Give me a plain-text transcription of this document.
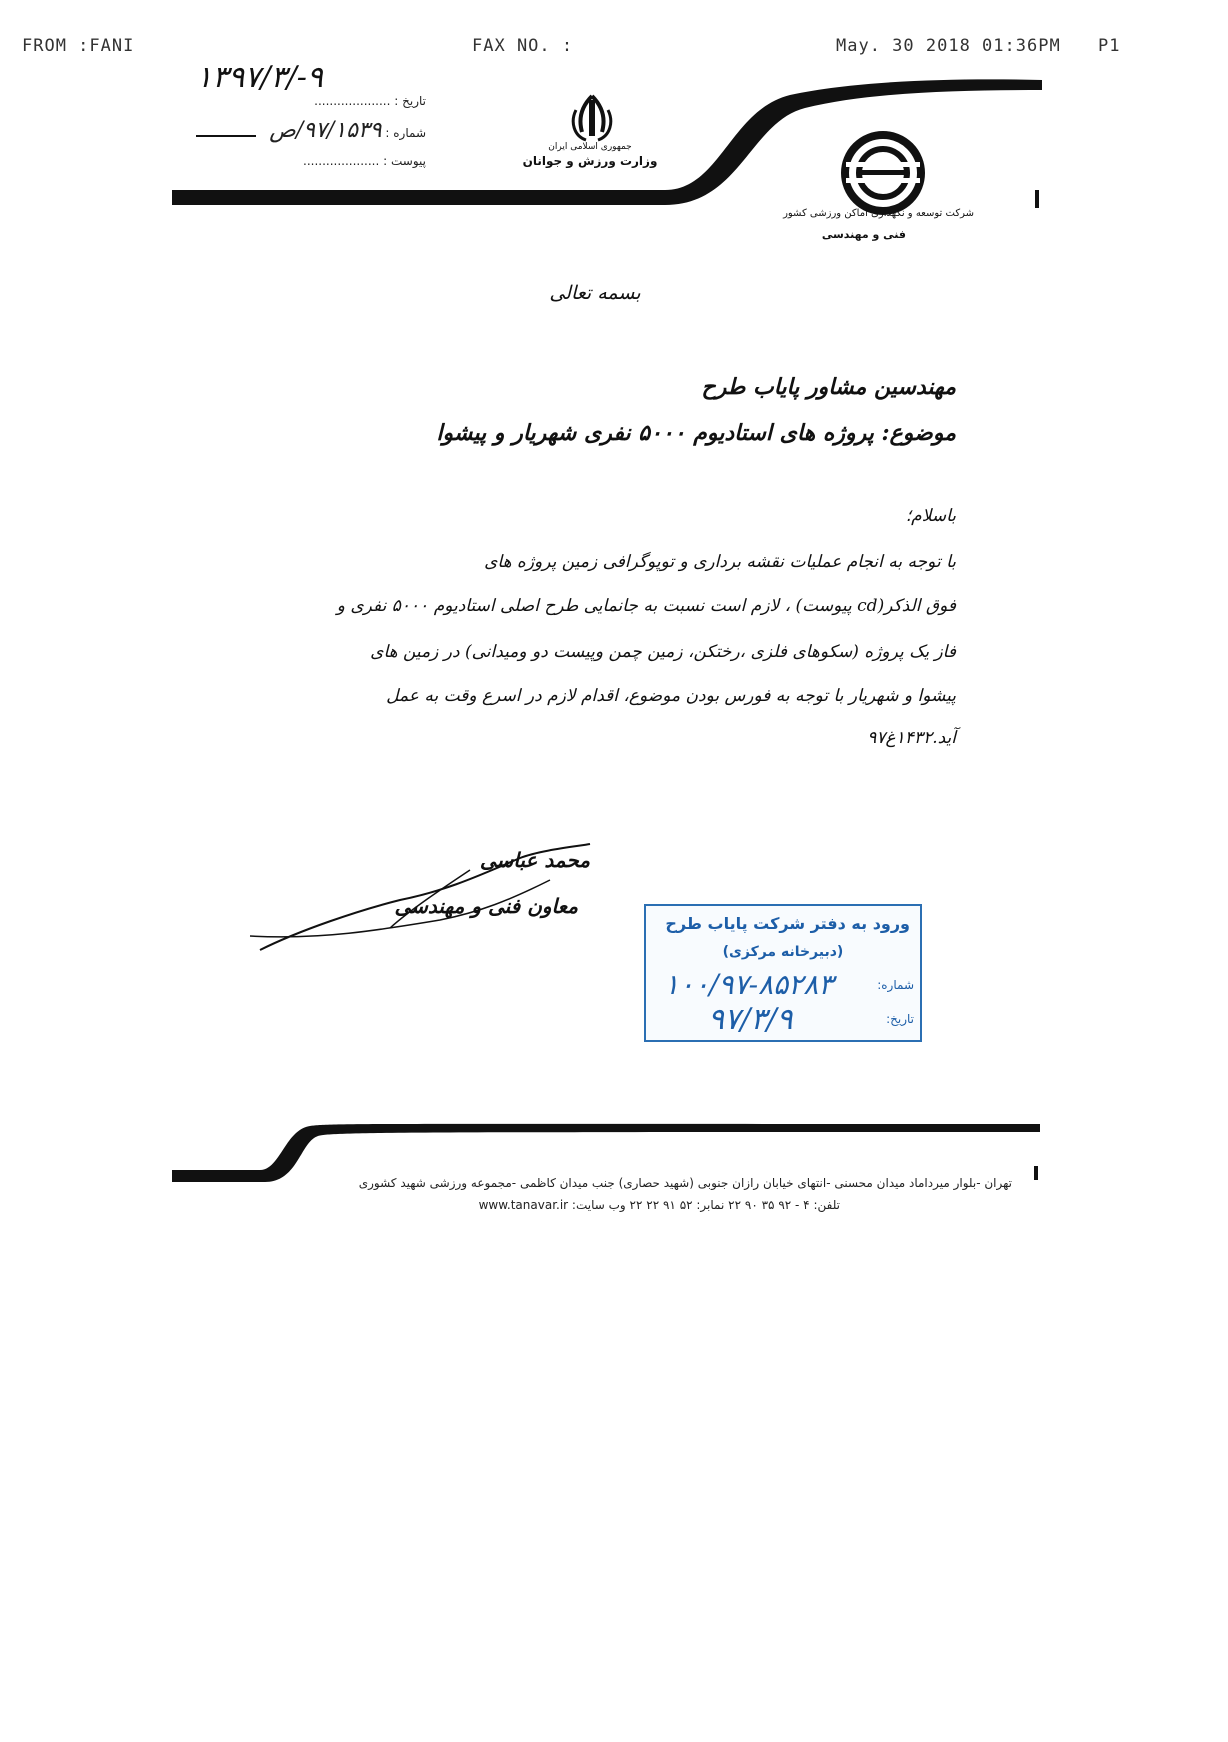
FROM :FANI	FAX NO. :	May. 30 2018 01:36PM P1
۱۳۹۷/۳/-۹
تاریخ : ....................
شماره : ۹۷/۱۵۳۹/ص
پیوست : ....................
جمهوری اسلامی ایران
وزارت ورزش و جوانان
شرکت توسعه و نگهداری اماکن ورزشی کشور
فنی و مهندسی
بسمه تعالی
مهندسین مشاور پایاب طرح
موضوع: پروژه های استادیوم ۵۰۰۰ نفری شهریار و پیشوا
باسلام؛
با توجه به انجام عملیات نقشه برداری و توپوگرافی زمین پروژه های
فوق الذکر(cd پیوست) ، لازم است نسبت به جانمایی طرح اصلی استادیوم ۵۰۰۰ نفری و
فاز یک پروژه (سکوهای فلزی ،رختکن، زمین چمن وپیست دو ومیدانی) در زمین های
پیشوا و شهریار با توجه به فورس بودن موضوع، اقدام لازم در اسرع وقت به عمل
آید.۱۴۳۲غ۹۷
محمد عباسی
معاون فنی و مهندسی
ورود به دفتر شرکت پایاب طرح
(دبیرخانه مرکزی)
شماره:
۱۰۰/۹۷-۸۵۲۸۳
تاریخ:
۹۷/۳/۹
تهران -بلوار میرداماد میدان محسنی -انتهای خیابان رازان جنوبی (شهید حصاری) جنب میدان کاظمی -مجموعه ورزشی شهید کشوری
تلفن: ۴ - ۹۲ ۳۵ ۹۰ ۲۲ نمابر: ۵۲ ۹۱ ۲۲ ۲۲ وب سایت: www.tanavar.ir
